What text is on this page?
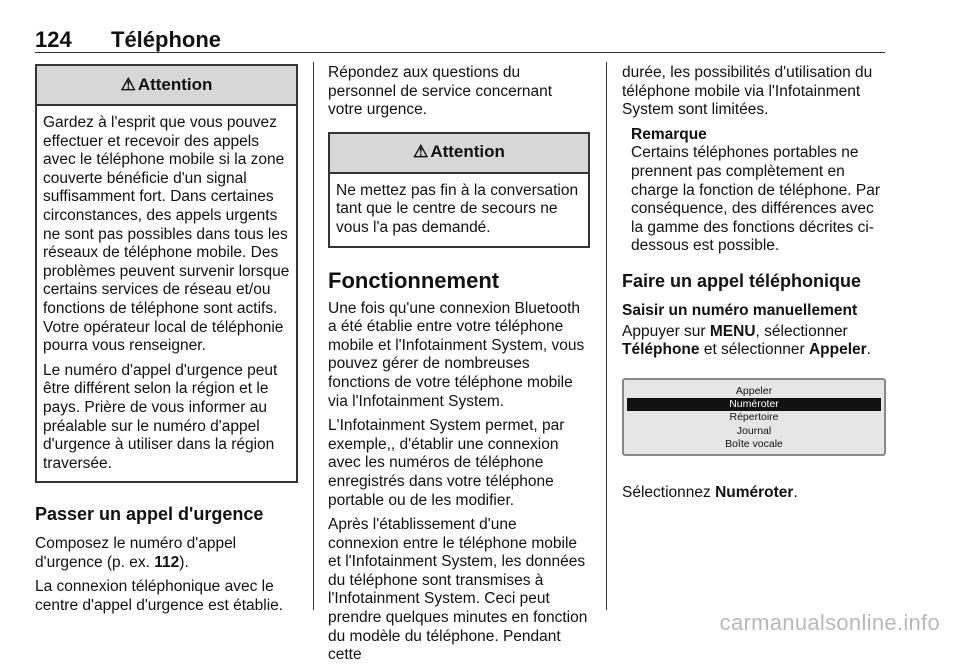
124 Téléphone
⚠ Attention

Gardez à l'esprit que vous pouvez effectuer et recevoir des appels avec le téléphone mobile si la zone couverte bénéficie d'un signal suffisamment fort. Dans certaines circonstances, des appels urgents ne sont pas possibles dans tous les réseaux de téléphone mobile. Des problèmes peuvent survenir lorsque certains services de réseau et/ou fonctions de téléphone sont actifs. Votre opérateur local de téléphonie pourra vous renseigner.

Le numéro d'appel d'urgence peut être différent selon la région et le pays. Prière de vous informer au préalable sur le numéro d'appel d'urgence à utiliser dans la région traversée.

Passer un appel d'urgence

Composez le numéro d'appel d'urgence (p. ex. 112).

La connexion téléphonique avec le centre d'appel d'urgence est établie.

Répondez aux questions du personnel de service concernant votre urgence.

⚠ Attention

Ne mettez pas fin à la conversation tant que le centre de secours ne vous l'a pas demandé.

Fonctionnement

Une fois qu'une connexion Bluetooth a été établie entre votre téléphone mobile et l'Infotainment System, vous pouvez gérer de nombreuses fonctions de votre téléphone mobile via l'Infotainment System.

L'Infotainment System permet, par exemple,, d'établir une connexion avec les numéros de téléphone enregistrés dans votre téléphone portable ou de les modifier.

Après l'établissement d'une connexion entre le téléphone mobile et l'Infotainment System, les données du téléphone sont transmises à l'Infotainment System. Ceci peut prendre quelques minutes en fonction du modèle du téléphone. Pendant cette

durée, les possibilités d'utilisation du téléphone mobile via l'Infotainment System sont limitées.

Remarque
Certains téléphones portables ne prennent pas complètement en charge la fonction de téléphone. Par conséquence, des différences avec la gamme des fonctions décrites ci-dessous est possible.
Faire un appel téléphonique
Saisir un numéro manuellement

Appuyer sur MENU, sélectionner Téléphone et sélectionner Appeler.

Appeler
Numéroter
Répertoire
Journal
Boîte vocale

Sélectionnez Numéroter.

carmanualsonline.info
